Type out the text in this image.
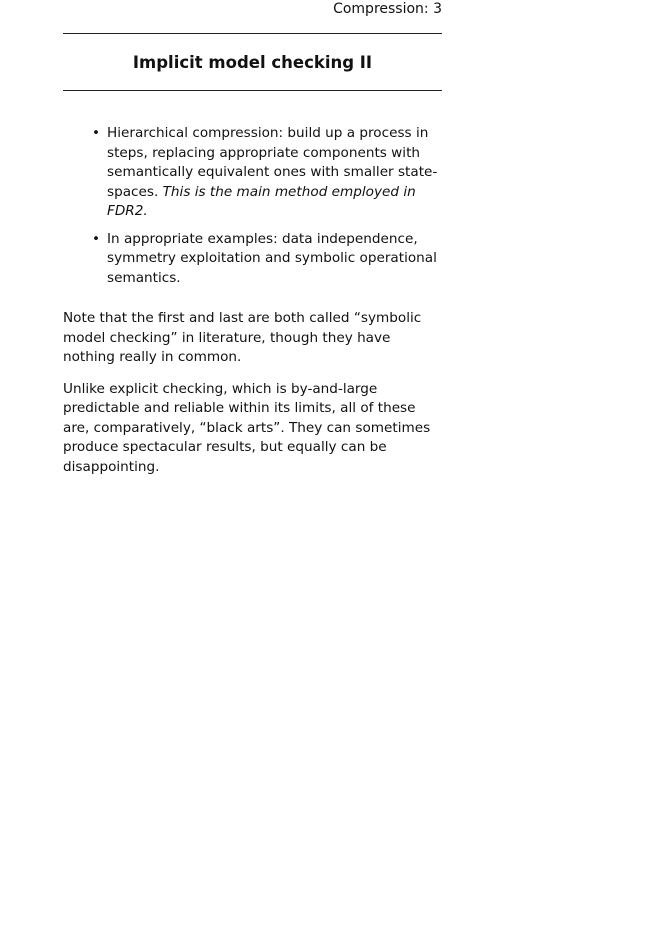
Compression: 3
Implicit model checking II
• Hierarchical compression: build up a process in steps, replacing appropriate components with semantically equivalent ones with smaller state-spaces. This is the main method employed in FDR2.
• In appropriate examples: data independence, symmetry exploitation and symbolic operational semantics.

Note that the first and last are both called “symbolic model checking” in literature, though they have nothing really in common.

Unlike explicit checking, which is by-and-large predictable and reliable within its limits, all of these are, comparatively, “black arts”. They can sometimes produce spectacular results, but equally can be disappointing.
